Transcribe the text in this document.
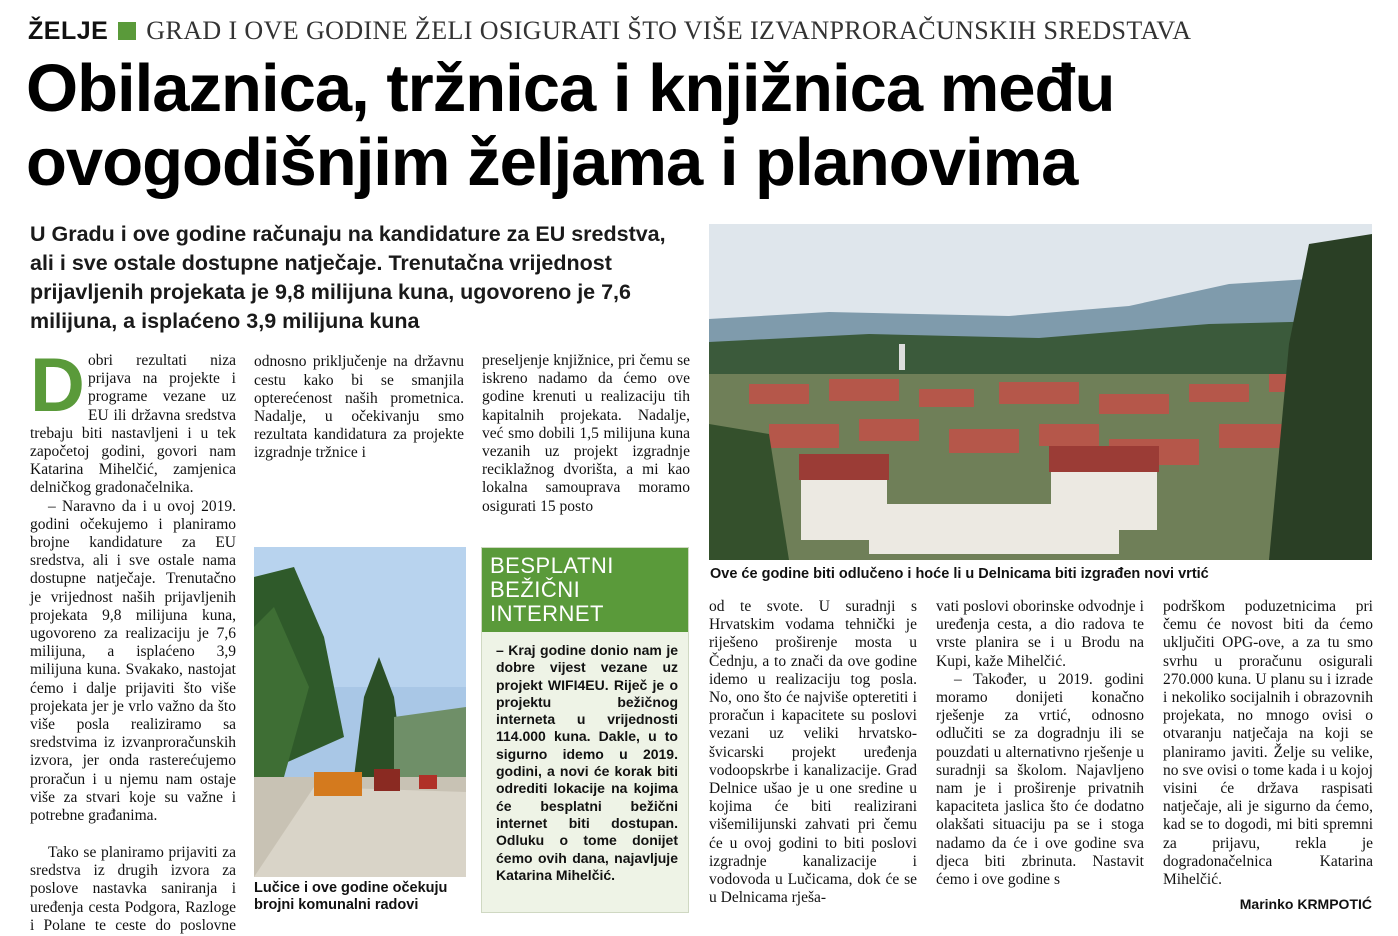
ŽELJE GRAD I OVE GODINE ŽELI OSIGURATI ŠTO VIŠE IZVANPRORAČUNSKIH SREDSTAVA
Obilaznica, tržnica i knjižnica među ovogodišnjim željama i planovima
U Gradu i ove godine računaju na kandidature za EU sredstva, ali i sve ostale dostupne natječaje. Trenutačna vrijednost prijavljenih projekata je 9,8 milijuna kuna, ugovoreno je 7,6 milijuna, a isplaćeno 3,9 milijuna kuna
D obri rezultati niza prijava na projekte i programe vezane uz EU ili državna sredstva trebaju biti nastavljeni i u tek započetoj godini, govori nam Katarina Mihelčić, zamjenica delničkog gradonačelnika.

– Naravno da i u ovoj 2019. godini očekujemo i planiramo brojne kandidature za EU sredstva, ali i sve ostale nama dostupne natječaje. Trenutačno je vrijednost naših prijavljenih projekata 9,8 milijuna kuna, ugovoreno za realizaciju je 7,6 milijuna, a isplaćeno 3,9 milijuna kuna. Svakako, nastojat ćemo i dalje prijaviti što više projekata jer je vrlo važno da što više posla realiziramo sa sredstvima iz izvanproračunskih izvora, jer onda rasterećujemo proračun i u njemu nam ostaje više za stvari koje su važne i potrebne građanima.

Tako se planiramo prijaviti za sredstva iz drugih izvora za poslove nastavka saniranja i uređenja cesta Podgora, Razloge i Polane te ceste do poslovne

odnosno priključenje na državnu cestu kako bi se smanjila opterećenost naših prometnica. Nadalje, u očekivanju smo rezultata kandidatura za projekte izgradnje tržnice i

preseljenje knjižnice, pri čemu se iskreno nadamo da ćemo ove godine krenuti u realizaciju tih kapitalnih projekata. Nadalje, već smo dobili 1,5 milijuna kuna vezanih uz projekt izgradnje reciklažnog dvorišta, a mi kao lokalna samouprava moramo osigurati 15 posto

Lučice i ove godine očekuju brojni komunalni radovi
BESPLATNI BEŽIČNI INTERNET
– Kraj godine donio nam je dobre vijest vezane uz projekt WIFI4EU. Riječ je o projektu bežičnog interneta u vrijednosti 114.000 kuna. Dakle, u to sigurno idemo u 2019. godini, a novi će korak biti odrediti lokacije na kojima će besplatni bežični internet biti dostupan. Odluku o tome donijet ćemo ovih dana, najavljuje Katarina Mihelčić.
Ove će godine biti odlučeno i hoće li u Delnicama biti izgrađen novi vrtić

od te svote. U suradnji s Hrvatskim vodama tehnički je riješeno proširenje mosta u Čednju, a to znači da ove godine idemo u realizaciju tog posla. No, ono što će najviše opteretiti i proračun i kapacitete su poslovi vezani uz veliki hrvatsko-švicarski projekt uređenja vodoopskrbe i kanalizacije. Grad Delnice ušao je u one sredine u kojima će biti realizirani višemilijunski zahvati pri čemu će u ovoj godini to biti poslovi izgradnje kanalizacije i vodovoda u Lučicama, dok će se u Delnicama rješa-

vati poslovi oborinske odvodnje i uređenja cesta, a dio radova te vrste planira se i u Brodu na Kupi, kaže Mihelčić.

– Također, u 2019. godini moramo donijeti konačno rješenje za vrtić, odnosno odlučiti se za dogradnju ili se pouzdati u alternativno rješenje u suradnji sa školom. Najavljeno nam je i proširenje privatnih kapaciteta jaslica što će dodatno olakšati situaciju pa se i stoga nadamo da će i ove godine sva djeca biti zbrinuta. Nastavit ćemo i ove godine s

podrškom poduzetnicima pri čemu će novost biti da ćemo uključiti OPG-ove, a za tu smo svrhu u proračunu osigurali 270.000 kuna. U planu su i izrade i nekoliko socijalnih i obrazovnih projekata, no mnogo ovisi o otvaranju natječaja na koji se planiramo javiti. Želje su velike, no sve ovisi o tome kada i u kojoj visini će država raspisati natječaje, ali je sigurno da ćemo, kad se to dogodi, mi biti spremni za prijavu, rekla je dogradonačelnica Katarina Mihelčić.

Marinko KRMPOTIĆ
